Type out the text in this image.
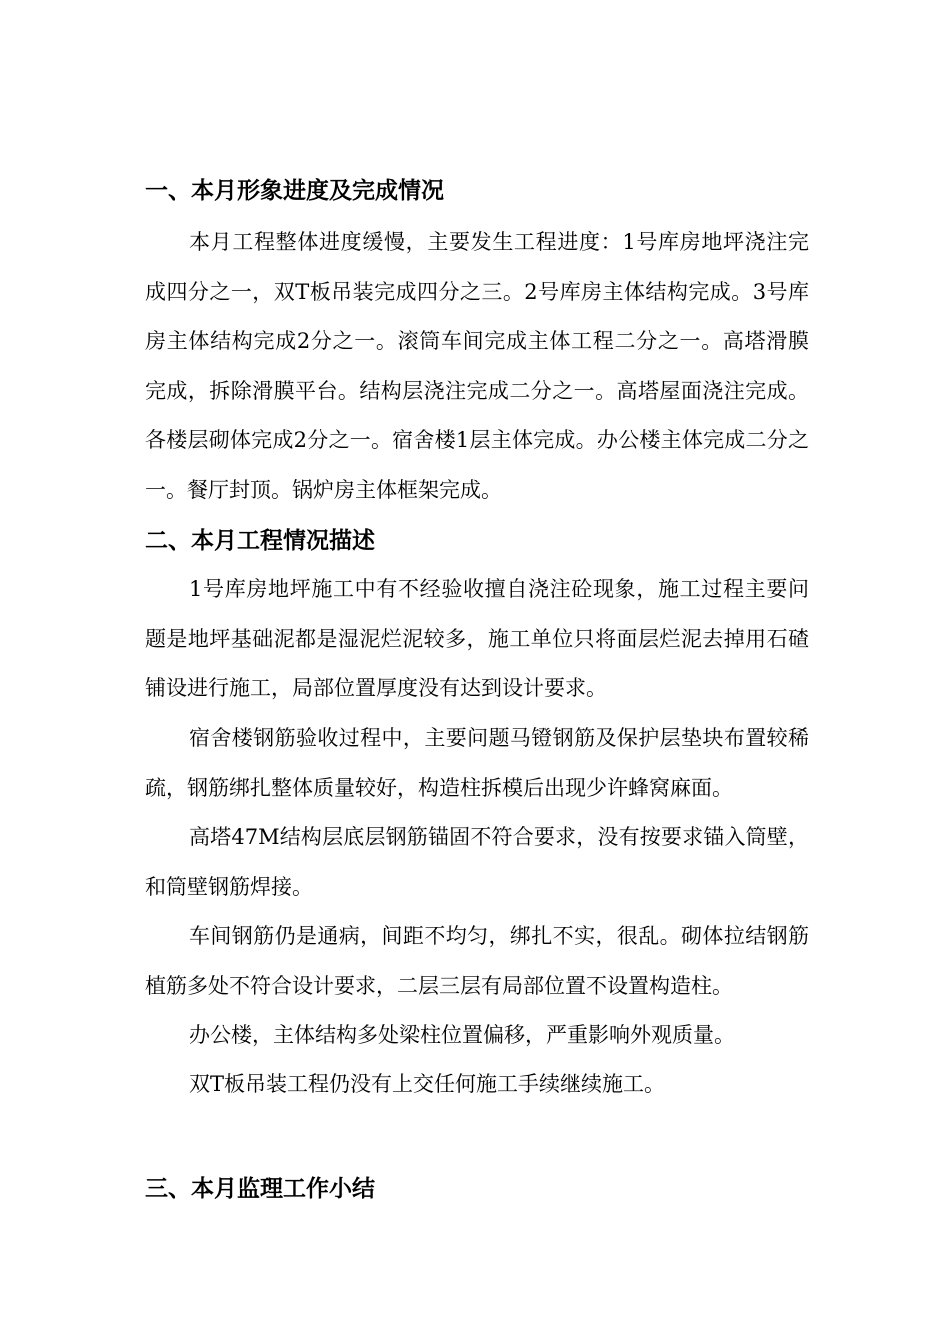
一、本月形象进度及完成情况

本月工程整体进度缓慢，主要发生工程进度：1号库房地坪浇注完成四分之一，双T板吊装完成四分之三。2号库房主体结构完成。3号库房主体结构完成2分之一。滚筒车间完成主体工程二分之一。高塔滑膜完成，拆除滑膜平台。结构层浇注完成二分之一。高塔屋面浇注完成。各楼层砌体完成2分之一。宿舍楼1层主体完成。办公楼主体完成二分之一。餐厅封顶。锅炉房主体框架完成。

二、本月工程情况描述

1号库房地坪施工中有不经验收擅自浇注砼现象，施工过程主要问题是地坪基础泥都是湿泥烂泥较多，施工单位只将面层烂泥去掉用石碴铺设进行施工，局部位置厚度没有达到设计要求。

宿舍楼钢筋验收过程中，主要问题马镫钢筋及保护层垫块布置较稀疏，钢筋绑扎整体质量较好，构造柱拆模后出现少许蜂窝麻面。

高塔47M结构层底层钢筋锚固不符合要求，没有按要求锚入筒壁，和筒壁钢筋焊接。

车间钢筋仍是通病，间距不均匀，绑扎不实，很乱。砌体拉结钢筋植筋多处不符合设计要求，二层三层有局部位置不设置构造柱。

办公楼，主体结构多处梁柱位置偏移，严重影响外观质量。

双T板吊装工程仍没有上交任何施工手续继续施工。

三、本月监理工作小结
